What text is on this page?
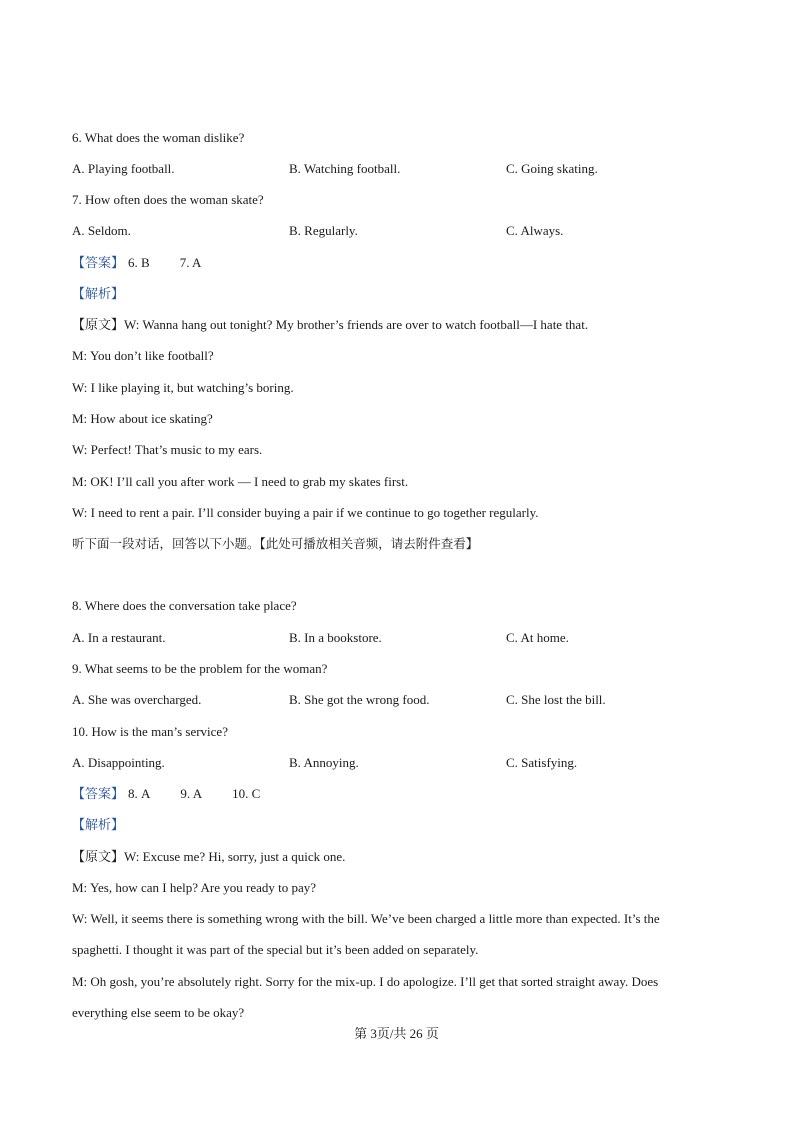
6. What does the woman dislike?
A. Playing football.	B. Watching football.	C. Going skating.
7. How often does the woman skate?
A. Seldom.	B. Regularly.	C. Always.
【答案】 6. B 7. A
【解析】
【原文】W: Wanna hang out tonight? My brother’s friends are over to watch football—I hate that.
M: You don’t like football?
W: I like playing it, but watching’s boring.
M: How about ice skating?
W: Perfect! That’s music to my ears.
M: OK! I’ll call you after work — I need to grab my skates first.
W: I need to rent a pair. I’ll consider buying a pair if we continue to go together regularly.
听下面一段对话，回答以下小题。【此处可播放相关音频，请去附件查看】
8. Where does the conversation take place?
A. In a restaurant.	B. In a bookstore.	C. At home.
9. What seems to be the problem for the woman?
A. She was overcharged.	B. She got the wrong food.	C. She lost the bill.
10. How is the man’s service?
A. Disappointing.	B. Annoying.	C. Satisfying.
【答案】 8. A 9. A 10. C
【解析】
【原文】W: Excuse me? Hi, sorry, just a quick one.
M: Yes, how can I help? Are you ready to pay?
W: Well, it seems there is something wrong with the bill. We’ve been charged a little more than expected. It’s the
spaghetti. I thought it was part of the special but it’s been added on separately.
M: Oh gosh, you’re absolutely right. Sorry for the mix-up. I do apologize. I’ll get that sorted straight away. Does
everything else seem to be okay?
第 3页/共 26 页
